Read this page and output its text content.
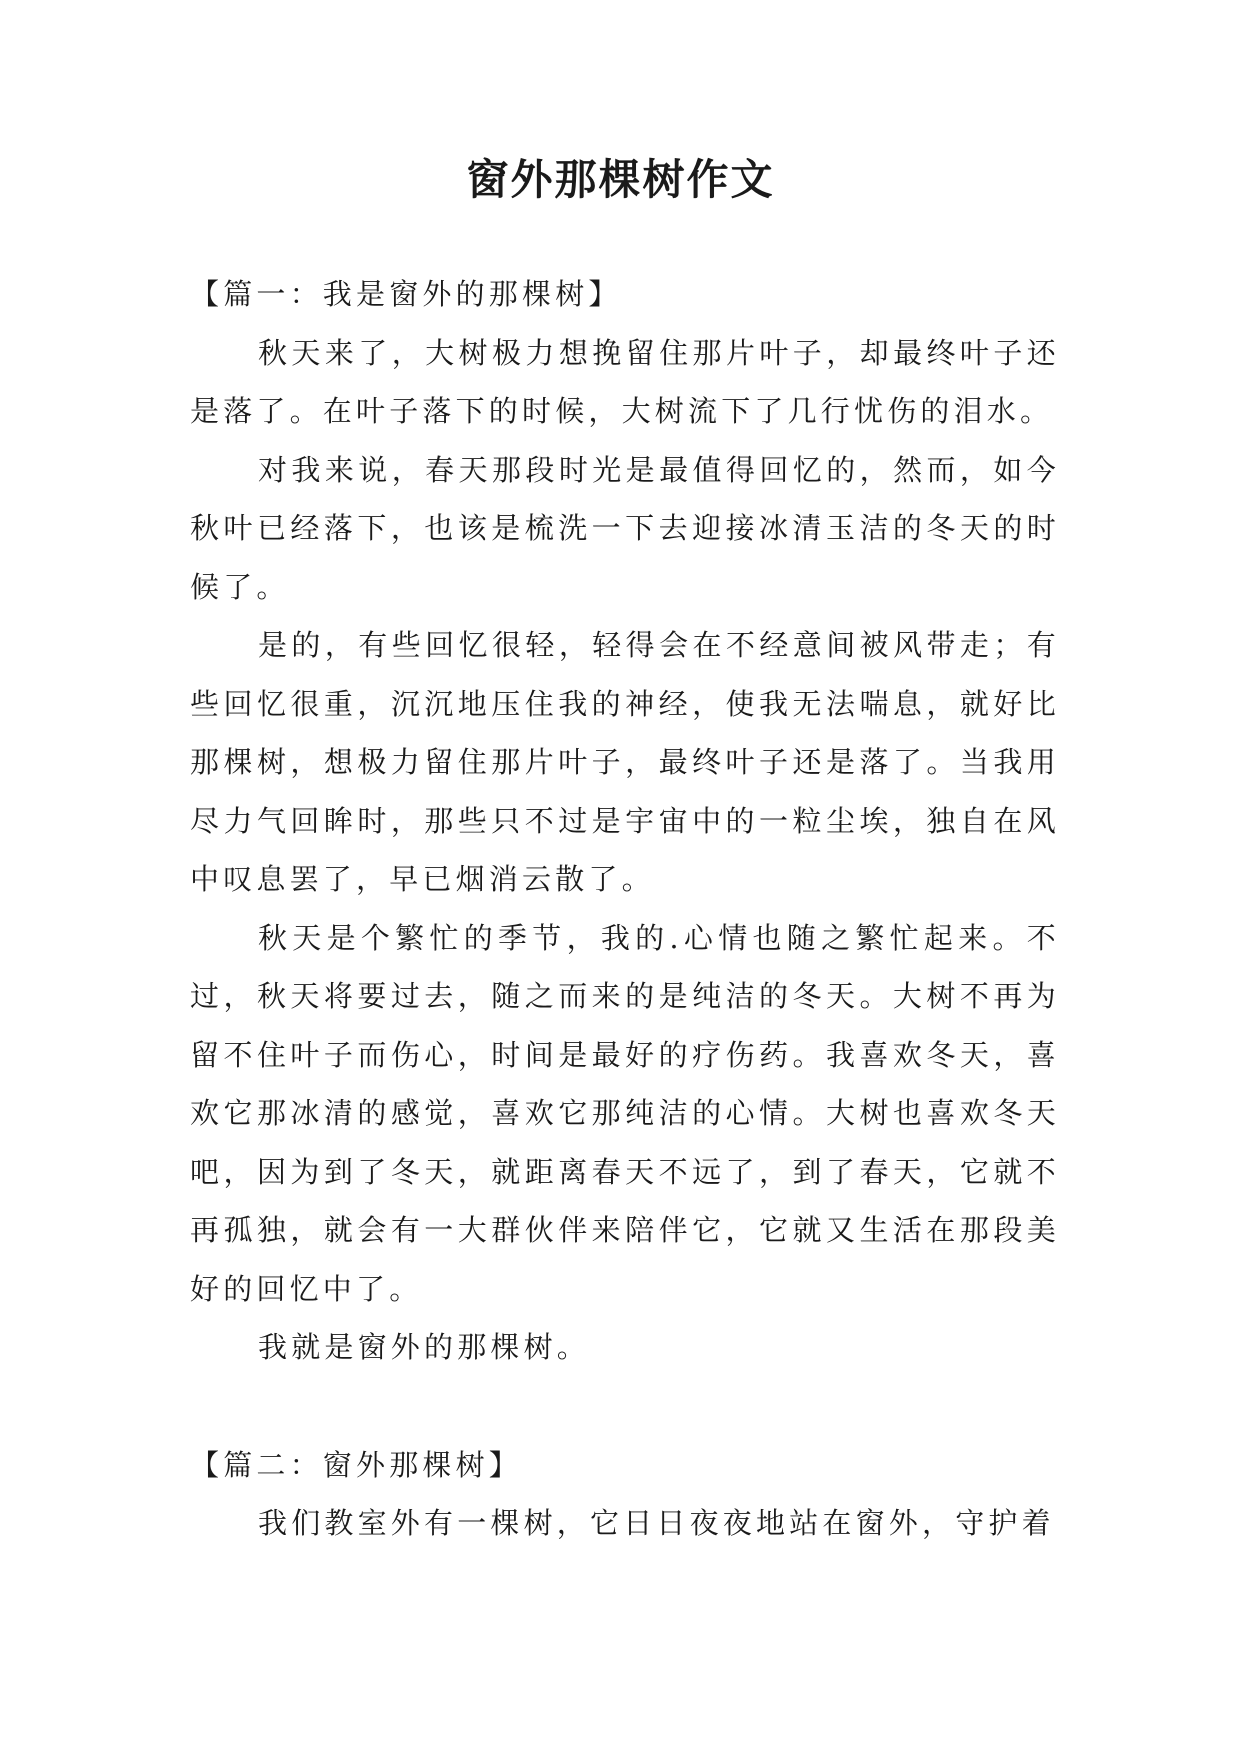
窗外那棵树作文

【篇一：我是窗外的那棵树】

秋天来了，大树极力想挽留住那片叶子，却最终叶子还是落了。在叶子落下的时候，大树流下了几行忧伤的泪水。

对我来说，春天那段时光是最值得回忆的，然而，如今秋叶已经落下，也该是梳洗一下去迎接冰清玉洁的冬天的时候了。

是的，有些回忆很轻，轻得会在不经意间被风带走；有些回忆很重，沉沉地压住我的神经，使我无法喘息，就好比那棵树，想极力留住那片叶子，最终叶子还是落了。当我用尽力气回眸时，那些只不过是宇宙中的一粒尘埃，独自在风中叹息罢了，早已烟消云散了。

秋天是个繁忙的季节，我的.心情也随之繁忙起来。不过，秋天将要过去，随之而来的是纯洁的冬天。大树不再为留不住叶子而伤心，时间是最好的疗伤药。我喜欢冬天，喜欢它那冰清的感觉，喜欢它那纯洁的心情。大树也喜欢冬天吧，因为到了冬天，就距离春天不远了，到了春天，它就不再孤独，就会有一大群伙伴来陪伴它，它就又生活在那段美好的回忆中了。

我就是窗外的那棵树。

【篇二：窗外那棵树】

我们教室外有一棵树，它日日夜夜地站在窗外，守护着
